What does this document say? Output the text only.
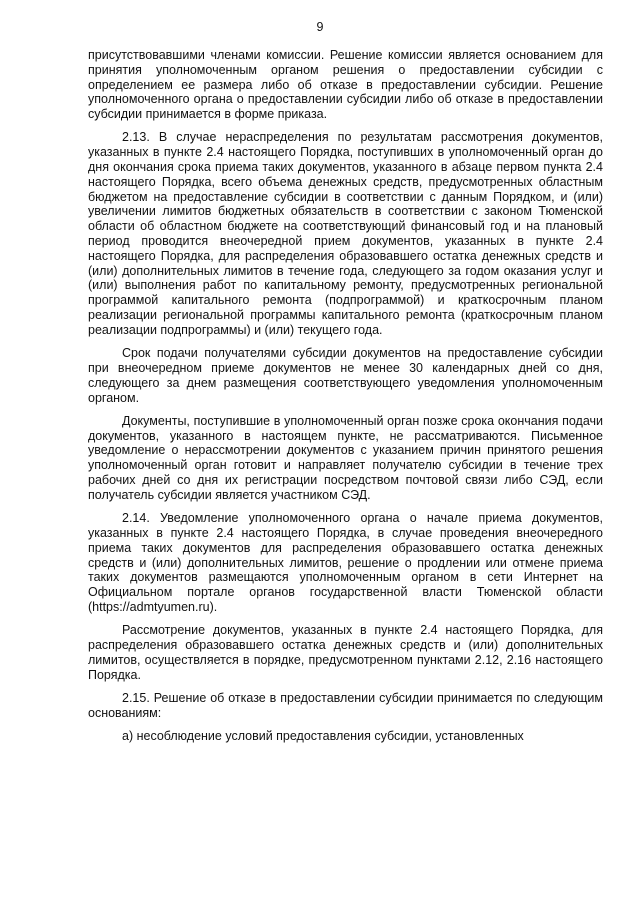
9

присутствовавшими членами комиссии. Решение комиссии является основанием для принятия уполномоченным органом решения о предоставлении субсидии с определением ее размера либо об отказе в предоставлении субсидии. Решение уполномоченного органа о предоставлении субсидии либо об отказе в предоставлении субсидии принимается в форме приказа.

2.13. В случае нераспределения по результатам рассмотрения документов, указанных в пункте 2.4 настоящего Порядка, поступивших в уполномоченный орган до дня окончания срока приема таких документов, указанного в абзаце первом пункта 2.4 настоящего Порядка, всего объема денежных средств, предусмотренных областным бюджетом на предоставление субсидии в соответствии с данным Порядком, и (или) увеличении лимитов бюджетных обязательств в соответствии с законом Тюменской области об областном бюджете на соответствующий финансовый год и на плановый период проводится внеочередной прием документов, указанных в пункте 2.4 настоящего Порядка, для распределения образовавшего остатка денежных средств и (или) дополнительных лимитов в течение года, следующего за годом оказания услуг и (или) выполнения работ по капитальному ремонту, предусмотренных региональной программой капитального ремонта (подпрограммой) и краткосрочным планом реализации региональной программы капитального ремонта (краткосрочным планом реализации подпрограммы) и (или) текущего года.

Срок подачи получателями субсидии документов на предоставление субсидии при внеочередном приеме документов не менее 30 календарных дней со дня, следующего за днем размещения соответствующего уведомления уполномоченным органом.

Документы, поступившие в уполномоченный орган позже срока окончания подачи документов, указанного в настоящем пункте, не рассматриваются. Письменное уведомление о нерассмотрении документов с указанием причин принятого решения уполномоченный орган готовит и направляет получателю субсидии в течение трех рабочих дней со дня их регистрации посредством почтовой связи либо СЭД, если получатель субсидии является участником СЭД.

2.14. Уведомление уполномоченного органа о начале приема документов, указанных в пункте 2.4 настоящего Порядка, в случае проведения внеочередного приема таких документов для распределения образовавшего остатка денежных средств и (или) дополнительных лимитов, решение о продлении или отмене приема таких документов размещаются уполномоченным органом в сети Интернет на Официальном портале органов государственной власти Тюменской области (https://admtyumen.ru).

Рассмотрение документов, указанных в пункте 2.4 настоящего Порядка, для распределения образовавшего остатка денежных средств и (или) дополнительных лимитов, осуществляется в порядке, предусмотренном пунктами 2.12, 2.16 настоящего Порядка.

2.15. Решение об отказе в предоставлении субсидии принимается по следующим основаниям:

а) несоблюдение условий предоставления субсидии, установленных
